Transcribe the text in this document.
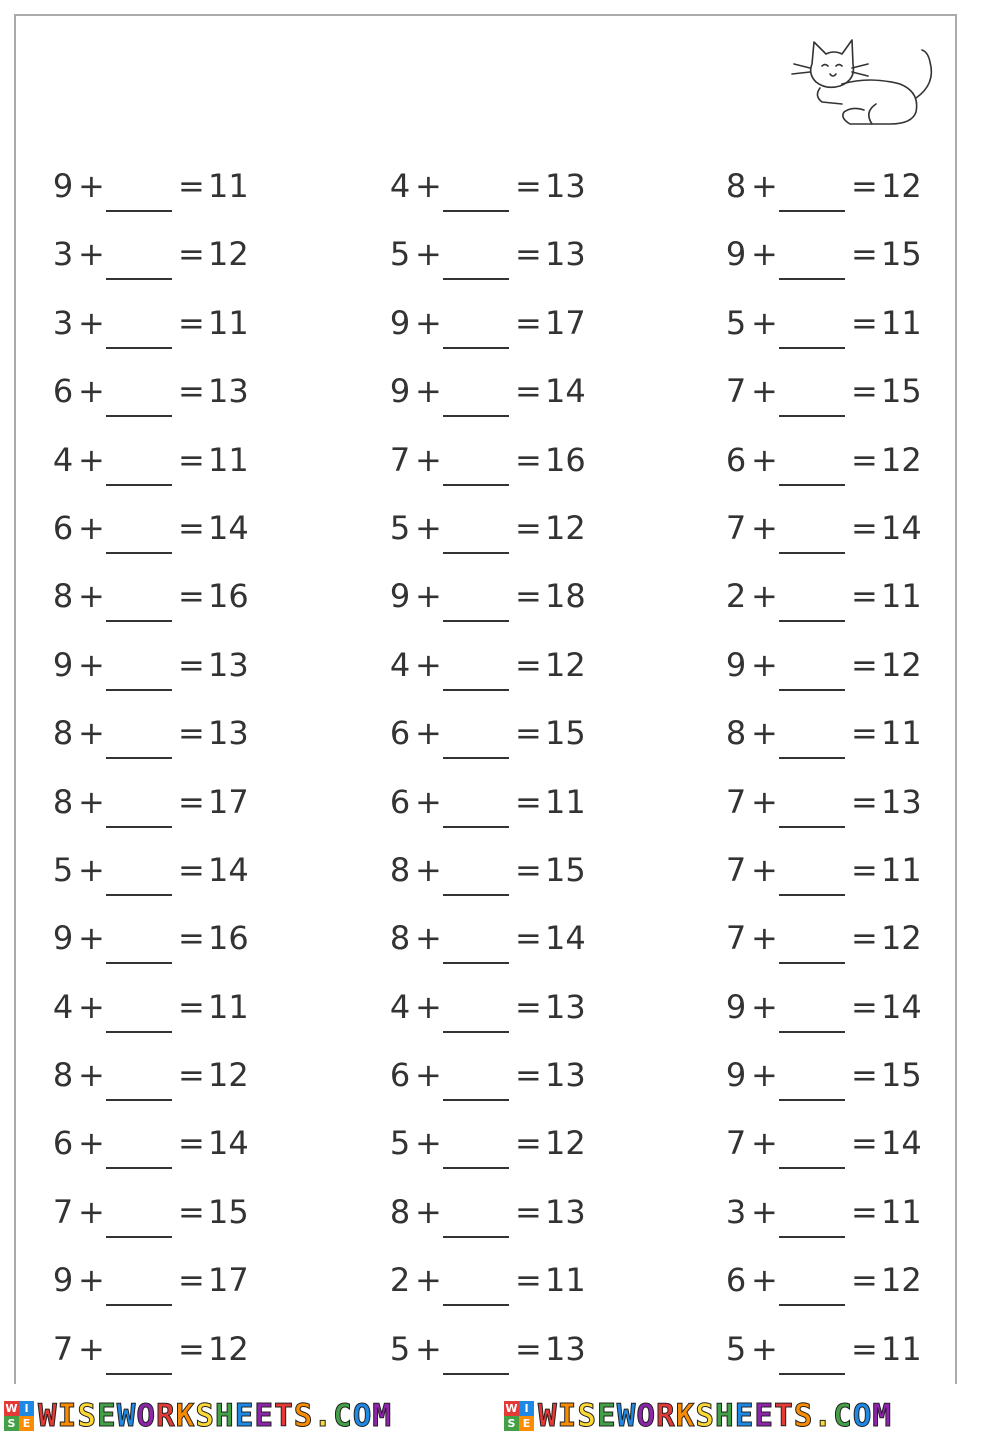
9 + = 11
3 + = 12
3 + = 11
6 + = 13
4 + = 11
6 + = 14
8 + = 16
9 + = 13
8 + = 13
8 + = 17
5 + = 14
9 + = 16
4 + = 11
8 + = 12
6 + = 14
7 + = 15
9 + = 17
7 + = 12
4 + = 13
5 + = 13
9 + = 17
9 + = 14
7 + = 16
5 + = 12
9 + = 18
4 + = 12
6 + = 15
6 + = 11
8 + = 15
8 + = 14
4 + = 13
6 + = 13
5 + = 12
8 + = 13
2 + = 11
5 + = 13
8 + = 12
9 + = 15
5 + = 11
7 + = 15
6 + = 12
7 + = 14
2 + = 11
9 + = 12
8 + = 11
7 + = 13
7 + = 11
7 + = 12
9 + = 14
9 + = 15
7 + = 14
3 + = 11
6 + = 12
5 + = 11
W I
S E W I S E W O R K S H E E T S . C O M	W I
S E W I S E W O R K S H E E T S . C O M
